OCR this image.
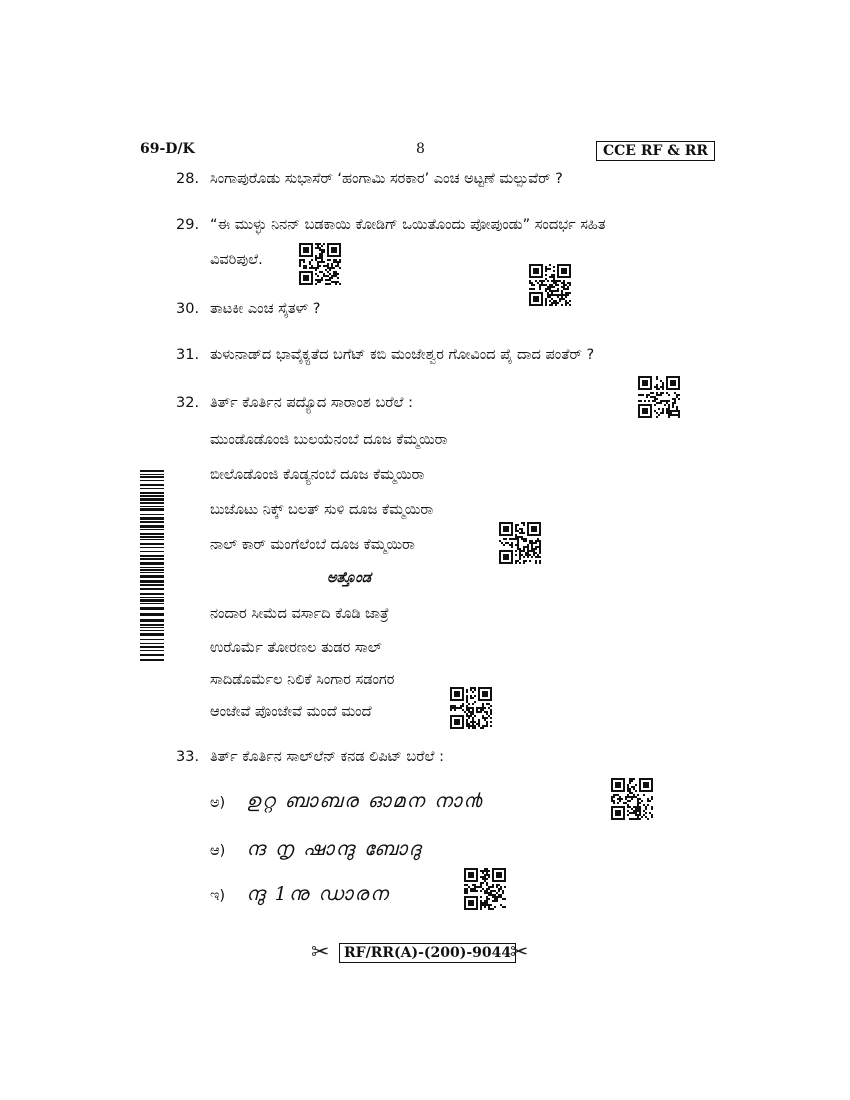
69-D/K	8	CCE RF & RR
28. ಸಿಂಗಾಪುರೊಡು ಸುಭಾಸೆರ್ ‘ಹಂಗಾಮಿ ಸರಕಾರ’ ಎಂಚ ಅಟ್ಟಣೆ ಮಲ್ಪುವೆರ್ ?
29. “ಈ ಮುಳ್ಳು ನಿನನ್ ಬಡಕಾಯಿ ಕೋಡಿಗ್ ಒಯಿತೊಂದು ಪೋಪುಂಡು” ಸಂದರ್ಭ ಸಹಿತ
ವಿವರಿಪುಲೆ.
30. ತಾಟಕೀ ಎಂಚ ಸೈತಳ್ ?
31. ತುಳುನಾಡ್‌ದ ಭಾವೈಕ್ಯತೆದ ಬಗೆಟ್ ಕಬಿ ಮಂಜೇಶ್ವರ ಗೋವಿಂದ ಪೈ ದಾದ ಪಂತೆರ್ ?
32. ತಿರ್ತ್ ಕೊರ್ತಿನ ಪದ್ಯೊದ ಸಾರಾಂಶ ಬರೆಲೆ :
ಮುಂಡೊಡೊಂಜಿ ಬುಲಯೆನಂಬೆ ದೂಜ ಕೆಮ್ಮಯಿರಾ
ಬೀಲೊಡೊಂಜಿ ಕೊಡ್ಯನಂಬೆ ದೂಜ ಕೆಮ್ಮಯಿರಾ
ಬುಜೊಟು ನಿಕ್ಕ್ ಬಲತ್ ಸುಳಿ ದೂಜ ಕೆಮ್ಮಯಿರಾ
ನಾಲ್ ಕಾರ್ ಮಂಗೆಲೆಂಬೆ ದೂಜ ಕೆಮ್ಮಯಿರಾ
ಅತ್ತೊಂಡ
ನಂದಾರ ಸೀಮೆದ ವರ್ಸಾದಿ ಕೊಡಿ ಜಾತ್ರೆ
ಉರೊರ್ಮೆ ತೋರಣಲ ತುಡರ ಸಾಲ್
ಸಾದಿಡೊರ್ಮೆಲ ನಿಲಿಕೆ ಸಿಂಗಾರ ಸಡಂಗರ
ಆಂಜೇವೆ ಪೊಂಜೇವೆ ಮಂದೆ ಮಂದೆ
33. ತಿರ್ತ್ ಕೊರ್ತಿನ ಸಾಲ್‌ಲೆನ್ ಕನಡ ಲಿಪಿಟ್ ಬರೆಲೆ :
ಅ) ഉറ്റ ബാബര ഓമന നാ൯
ಆ) ന്ദ നൃ ഷാന്ദു ബോദു
ಇ) ന്ദു 1നു ഡാരന
✂	RF/RR(A)-(200)-9044
✂
